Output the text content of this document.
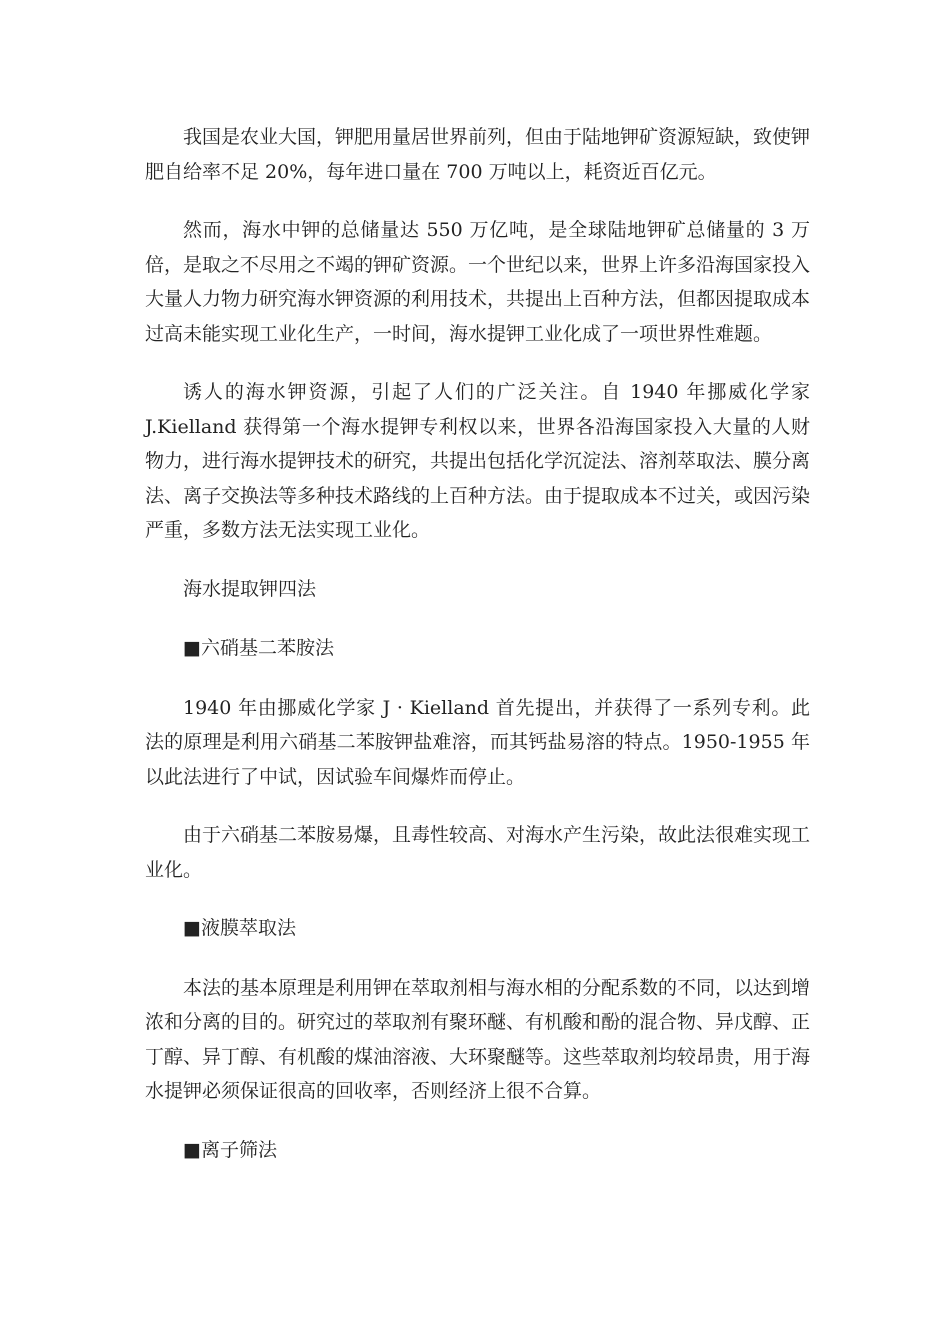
我国是农业大国，钾肥用量居世界前列，但由于陆地钾矿资源短缺，致使钾肥自给率不足 20%，每年进口量在 700 万吨以上，耗资近百亿元。

然而，海水中钾的总储量达 550 万亿吨，是全球陆地钾矿总储量的 3 万倍，是取之不尽用之不竭的钾矿资源。一个世纪以来，世界上许多沿海国家投入大量人力物力研究海水钾资源的利用技术，共提出上百种方法，但都因提取成本过高未能实现工业化生产，一时间，海水提钾工业化成了一项世界性难题。

诱人的海水钾资源，引起了人们的广泛关注。自 1940 年挪威化学家 J.Kielland 获得第一个海水提钾专利权以来，世界各沿海国家投入大量的人财物力，进行海水提钾技术的研究，共提出包括化学沉淀法、溶剂萃取法、膜分离法、离子交换法等多种技术路线的上百种方法。由于提取成本不过关，或因污染严重，多数方法无法实现工业化。

海水提取钾四法

■六硝基二苯胺法

1940 年由挪威化学家 J · Kielland 首先提出，并获得了一系列专利。此法的原理是利用六硝基二苯胺钾盐难溶，而其钙盐易溶的特点。1950-1955 年以此法进行了中试，因试验车间爆炸而停止。

由于六硝基二苯胺易爆，且毒性较高、对海水产生污染，故此法很难实现工业化。

■液膜萃取法

本法的基本原理是利用钾在萃取剂相与海水相的分配系数的不同，以达到增浓和分离的目的。研究过的萃取剂有聚环醚、有机酸和酚的混合物、异戊醇、正丁醇、异丁醇、有机酸的煤油溶液、大环聚醚等。这些萃取剂均较昂贵，用于海水提钾必须保证很高的回收率，否则经济上很不合算。

■离子筛法
